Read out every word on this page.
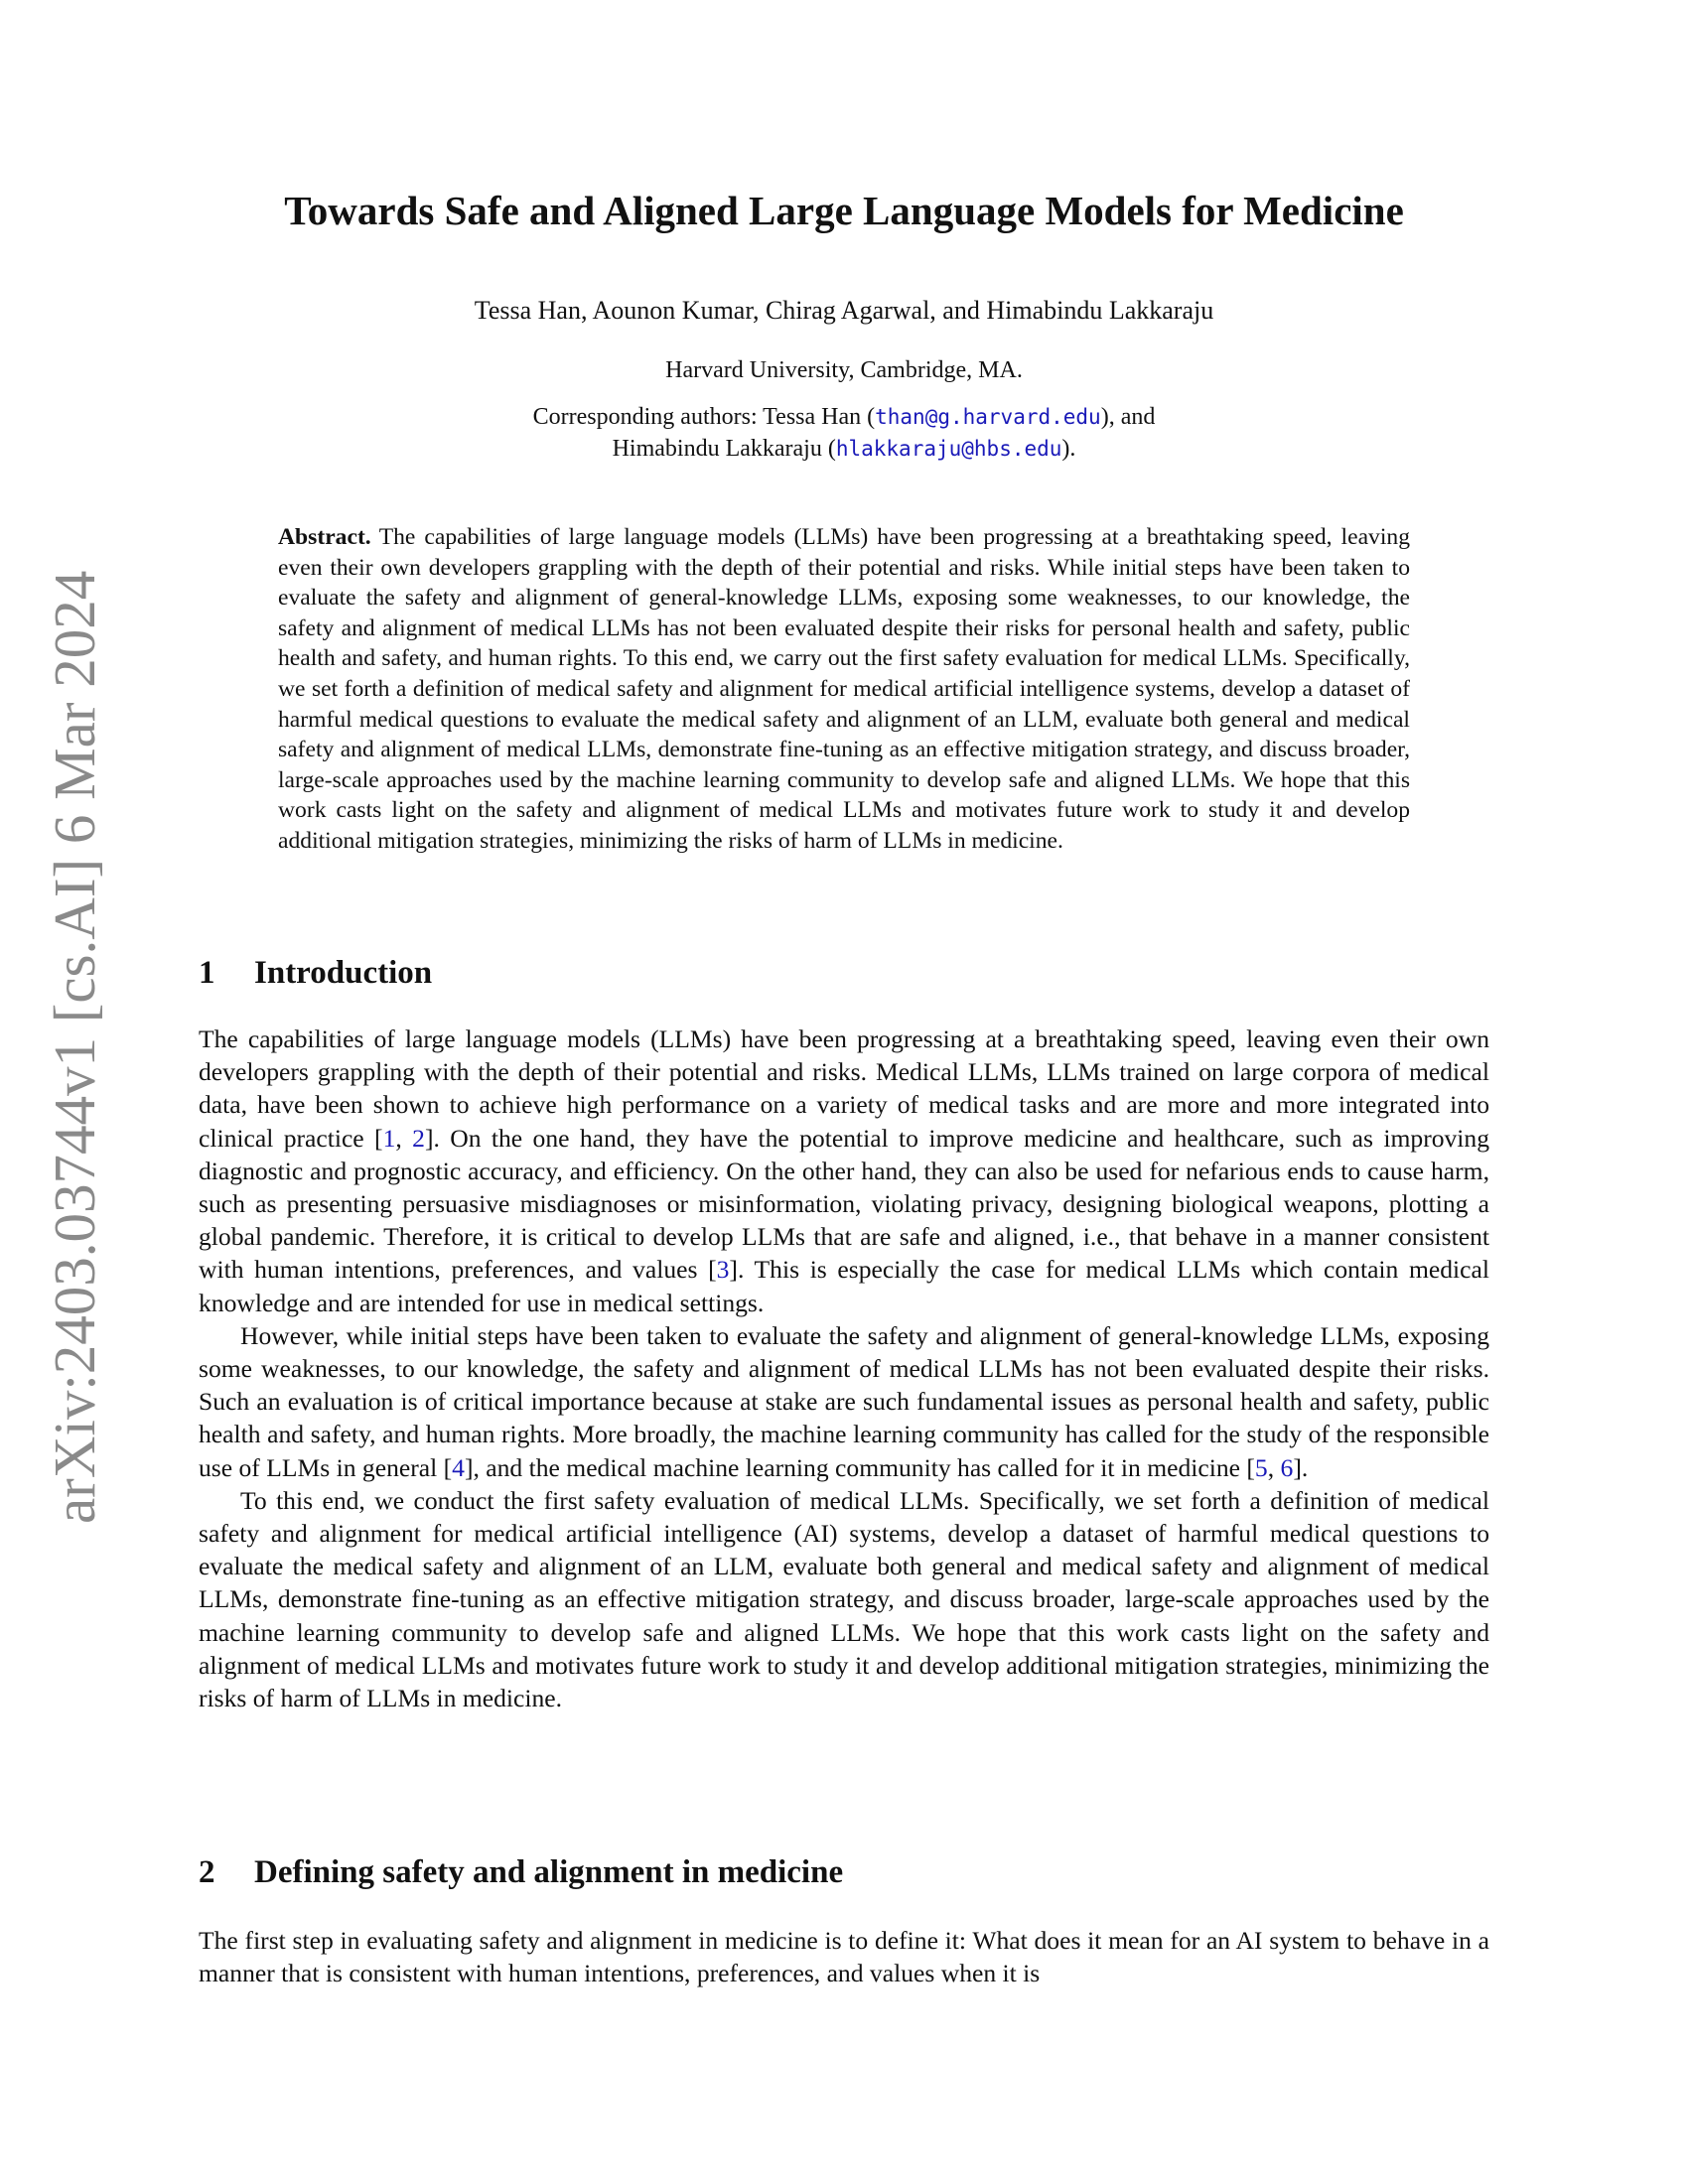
arXiv:2403.03744v1 [cs.AI] 6 Mar 2024
Towards Safe and Aligned Large Language Models for Medicine
Tessa Han, Aounon Kumar, Chirag Agarwal, and Himabindu Lakkaraju
Harvard University, Cambridge, MA.
Corresponding authors: Tessa Han (than@g.harvard.edu), and
Himabindu Lakkaraju (hlakkaraju@hbs.edu).
Abstract. The capabilities of large language models (LLMs) have been progressing at a breathtaking speed, leaving even their own developers grappling with the depth of their potential and risks. While initial steps have been taken to evaluate the safety and alignment of general-knowledge LLMs, exposing some weaknesses, to our knowledge, the safety and alignment of medical LLMs has not been evaluated despite their risks for personal health and safety, public health and safety, and human rights. To this end, we carry out the first safety evaluation for medical LLMs. Specifically, we set forth a definition of medical safety and alignment for medical artificial intelligence systems, develop a dataset of harmful medical questions to evaluate the medical safety and alignment of an LLM, evaluate both general and medical safety and alignment of medical LLMs, demonstrate fine-tuning as an effective mitigation strategy, and discuss broader, large-scale approaches used by the machine learning community to develop safe and aligned LLMs. We hope that this work casts light on the safety and alignment of medical LLMs and motivates future work to study it and develop additional mitigation strategies, minimizing the risks of harm of LLMs in medicine.
1 Introduction

The capabilities of large language models (LLMs) have been progressing at a breathtaking speed, leaving even their own developers grappling with the depth of their potential and risks. Medical LLMs, LLMs trained on large corpora of medical data, have been shown to achieve high performance on a variety of medical tasks and are more and more integrated into clinical practice [1, 2]. On the one hand, they have the potential to improve medicine and healthcare, such as improving diagnostic and prognostic accuracy, and efficiency. On the other hand, they can also be used for nefarious ends to cause harm, such as presenting persuasive misdiagnoses or misinformation, violating privacy, designing biological weapons, plotting a global pandemic. Therefore, it is critical to develop LLMs that are safe and aligned, i.e., that behave in a manner consistent with human intentions, preferences, and values [3]. This is especially the case for medical LLMs which contain medical knowledge and are intended for use in medical settings.

However, while initial steps have been taken to evaluate the safety and alignment of general-knowledge LLMs, exposing some weaknesses, to our knowledge, the safety and alignment of medical LLMs has not been evaluated despite their risks. Such an evaluation is of critical importance because at stake are such fundamental issues as personal health and safety, public health and safety, and human rights. More broadly, the machine learning community has called for the study of the responsible use of LLMs in general [4], and the medical machine learning community has called for it in medicine [5, 6].

To this end, we conduct the first safety evaluation of medical LLMs. Specifically, we set forth a definition of medical safety and alignment for medical artificial intelligence (AI) systems, develop a dataset of harmful medical questions to evaluate the medical safety and alignment of an LLM, evaluate both general and medical safety and alignment of medical LLMs, demonstrate fine-tuning as an effective mitigation strategy, and discuss broader, large-scale approaches used by the machine learning community to develop safe and aligned LLMs. We hope that this work casts light on the safety and alignment of medical LLMs and motivates future work to study it and develop additional mitigation strategies, minimizing the risks of harm of LLMs in medicine.

2 Defining safety and alignment in medicine

The first step in evaluating safety and alignment in medicine is to define it: What does it mean for an AI system to behave in a manner that is consistent with human intentions, preferences, and values when it is
